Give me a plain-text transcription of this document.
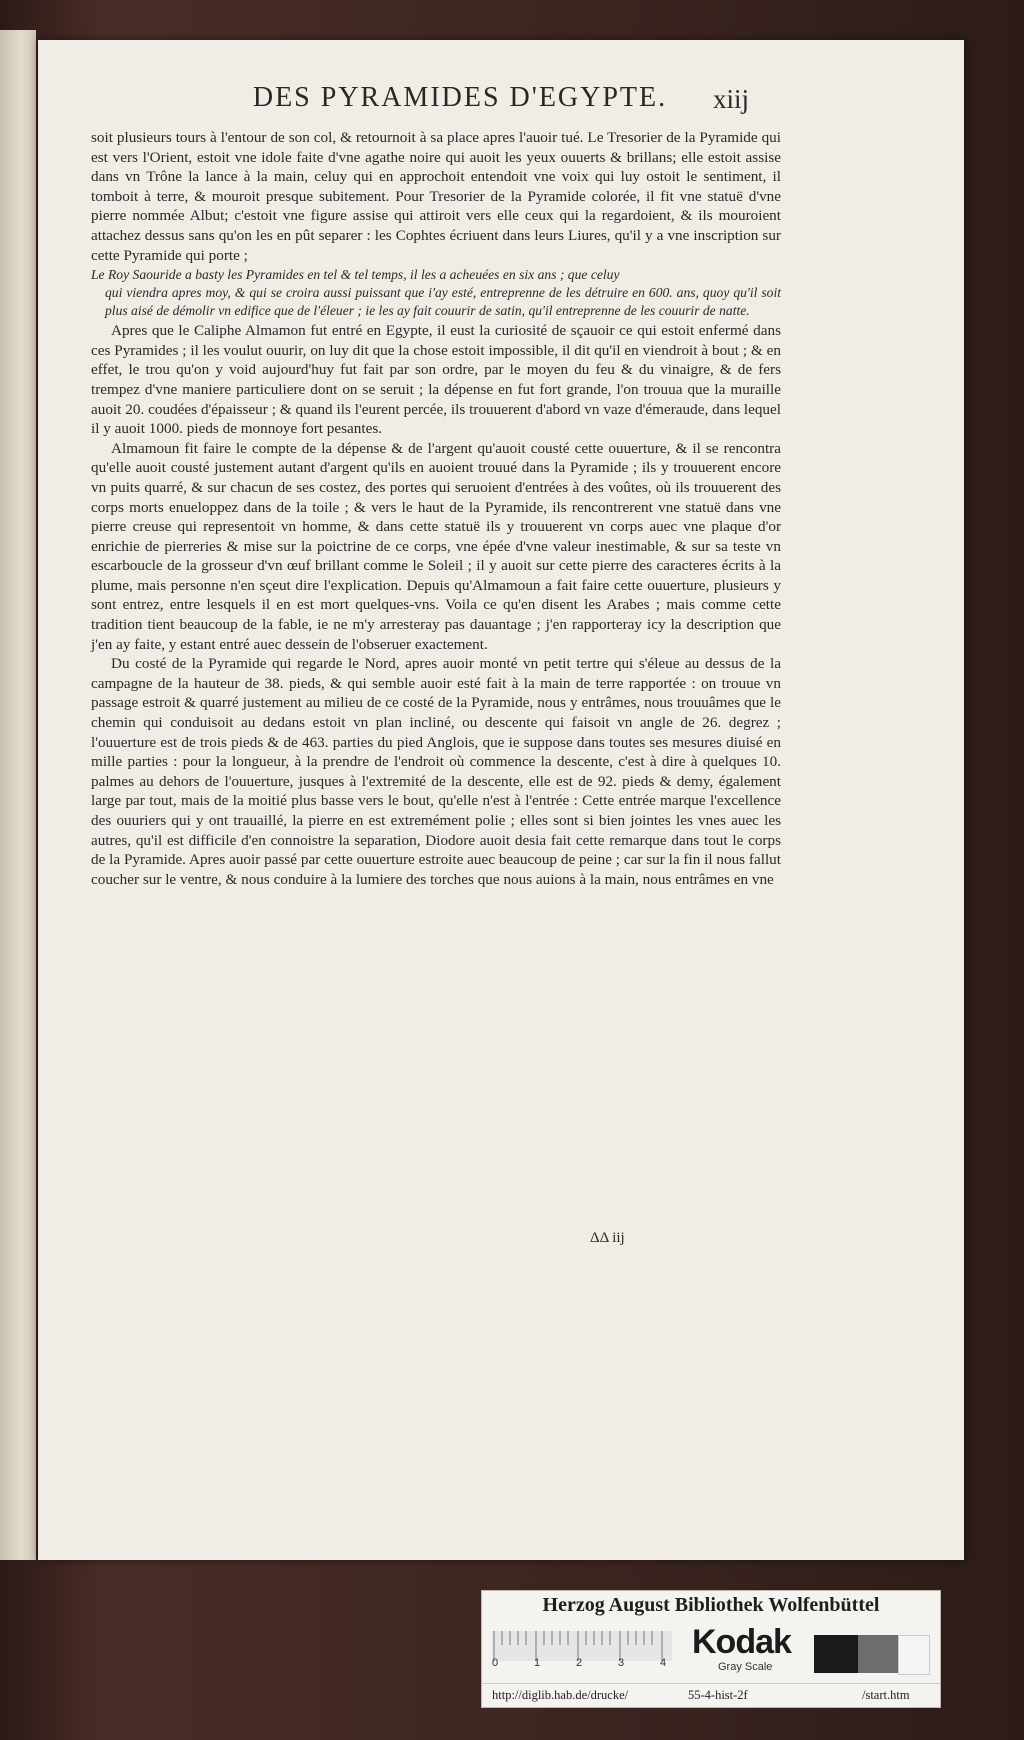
DES PYRAMIDES D'EGYPTE.	xiij

soit plusieurs tours à l'entour de son col, & retournoit à sa place apres l'auoir tué. Le Tresorier de la Pyramide qui est vers l'Orient, estoit vne idole faite d'vne agathe noire qui auoit les yeux ouuerts & brillans; elle estoit assise dans vn Trône la lance à la main, celuy qui en approchoit entendoit vne voix qui luy ostoit le sentiment, il tomboit à terre, & mouroit presque subitement. Pour Tresorier de la Pyramide colorée, il fit vne statuë d'vne pierre nommée Albut; c'estoit vne figure assise qui attiroit vers elle ceux qui la regardoient, & ils mouroient attachez dessus sans qu'on les en pût separer : les Cophtes écriuent dans leurs Liures, qu'il y a vne inscription sur cette Pyramide qui porte ;

Le Roy Saouride a basty les Pyramides en tel & tel temps, il les a acheuées en six ans ; que celuy
qui viendra apres moy, & qui se croira aussi puissant que i'ay esté, entreprenne de les détruire en 600. ans, quoy qu'il soit plus aisé de démolir vn edifice que de l'éleuer ; ie les ay fait couurir de satin, qu'il entreprenne de les couurir de natte.

Apres que le Caliphe Almamon fut entré en Egypte, il eust la curiosité de sçauoir ce qui estoit enfermé dans ces Pyramides ; il les voulut ouurir, on luy dit que la chose estoit impossible, il dit qu'il en viendroit à bout ; & en effet, le trou qu'on y void aujourd'huy fut fait par son ordre, par le moyen du feu & du vinaigre, & de fers trempez d'vne maniere particuliere dont on se seruit ; la dépense en fut fort grande, l'on trouua que la muraille auoit 20. coudées d'épaisseur ; & quand ils l'eurent percée, ils trouuerent d'abord vn vaze d'émeraude, dans lequel il y auoit 1000. pieds de monnoye fort pesantes.

Almamoun fit faire le compte de la dépense & de l'argent qu'auoit cousté cette ouuerture, & il se rencontra qu'elle auoit cousté justement autant d'argent qu'ils en auoient trouué dans la Pyramide ; ils y trouuerent encore vn puits quarré, & sur chacun de ses costez, des portes qui seruoient d'entrées à des voûtes, où ils trouuerent des corps morts enueloppez dans de la toile ; & vers le haut de la Pyramide, ils rencontrerent vne statuë dans vne pierre creuse qui representoit vn homme, & dans cette statuë ils y trouuerent vn corps auec vne plaque d'or enrichie de pierreries & mise sur la poictrine de ce corps, vne épée d'vne valeur inestimable, & sur sa teste vn escarboucle de la grosseur d'vn œuf brillant comme le Soleil ; il y auoit sur cette pierre des caracteres écrits à la plume, mais personne n'en sçeut dire l'explication. Depuis qu'Almamoun a fait faire cette ouuerture, plusieurs y sont entrez, entre lesquels il en est mort quelques-vns. Voila ce qu'en disent les Arabes ; mais comme cette tradition tient beaucoup de la fable, ie ne m'y arresteray pas dauantage ; j'en rapporteray icy la description que j'en ay faite, y estant entré auec dessein de l'obseruer exactement.

Du costé de la Pyramide qui regarde le Nord, apres auoir monté vn petit tertre qui s'éleue au dessus de la campagne de la hauteur de 38. pieds, & qui semble auoir esté fait à la main de terre rapportée : on trouue vn passage estroit & quarré justement au milieu de ce costé de la Pyramide, nous y entrâmes, nous trouuâmes que le chemin qui conduisoit au dedans estoit vn plan incliné, ou descente qui faisoit vn angle de 26. degrez ; l'ouuerture est de trois pieds & de 463. parties du pied Anglois, que ie suppose dans toutes ses mesures diuisé en mille parties : pour la longueur, à la prendre de l'endroit où commence la descente, c'est à dire à quelques 10. palmes au dehors de l'ouuerture, jusques à l'extremité de la descente, elle est de 92. pieds & demy, également large par tout, mais de la moitié plus basse vers le bout, qu'elle n'est à l'entrée : Cette entrée marque l'excellence des ouuriers qui y ont trauaillé, la pierre en est extremément polie ; elles sont si bien jointes les vnes auec les autres, qu'il est difficile d'en connoistre la separation, Diodore auoit desia fait cette remarque dans tout le corps de la Pyramide. Apres auoir passé par cette ouuerture estroite auec beaucoup de peine ; car sur la fin il nous fallut coucher sur le ventre, & nous conduire à la lumiere des torches que nous auions à la main, nous entrâmes en vne

ΔΔ iij
Herzog August Bibliothek Wolfenbüttel
0	1	2	3	4
Kodak
Gray Scale
http://diglib.hab.de/drucke/	55-4-hist-2f	/start.htm
